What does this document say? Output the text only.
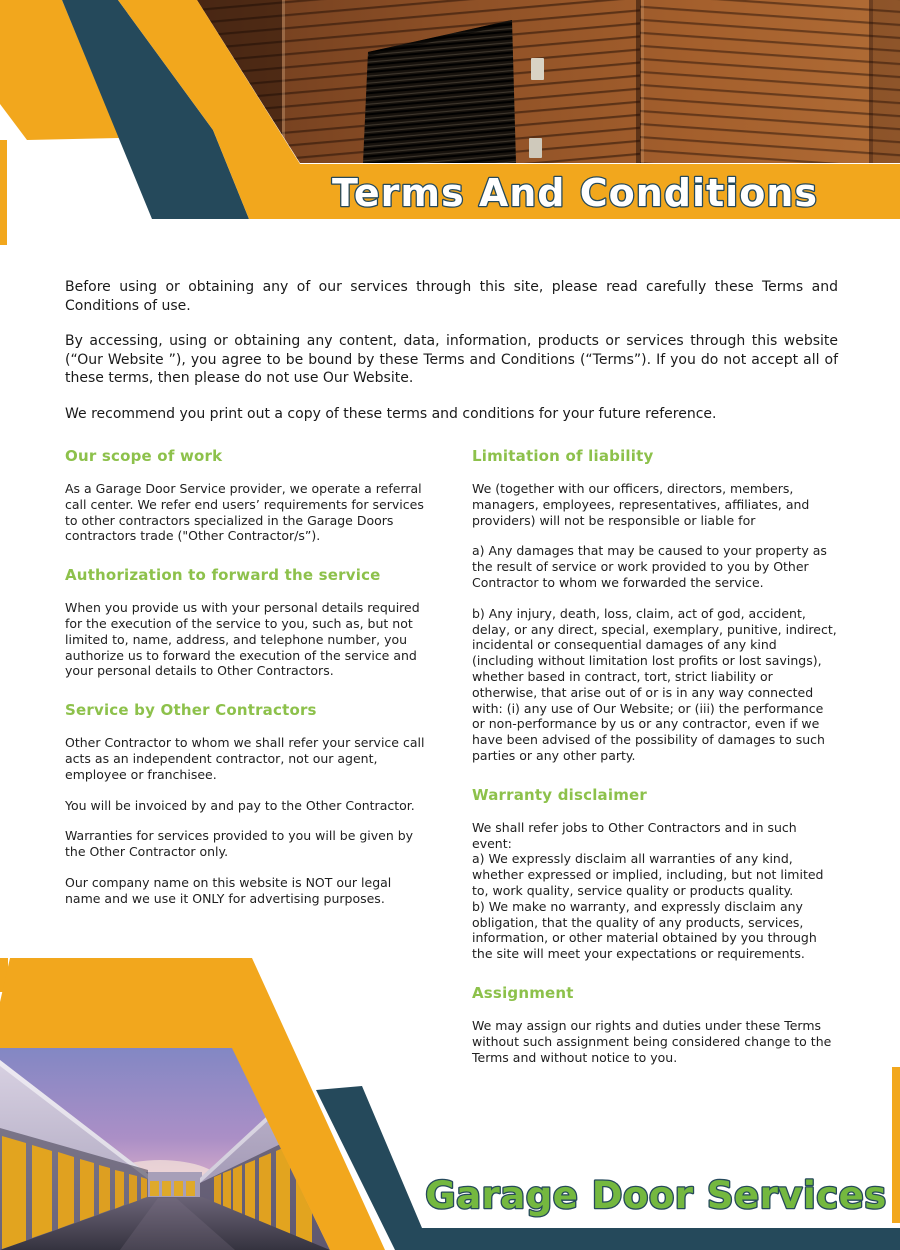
Terms And Conditions

Before using or obtaining any of our services through this site, please read carefully these Terms and Conditions of use.

By accessing, using or obtaining any content, data, information, products or services through this website (“Our Website ”), you agree to be bound by these Terms and Conditions (“Terms”). If you do not accept all of these terms, then please do not use Our Website.

We recommend you print out a copy of these terms and conditions for your future reference.

Our scope of work

As a Garage Door Service provider, we operate a referral call center. We refer end users’ requirements for services to other contractors specialized in the Garage Doors contractors trade ("Other Contractor/s”).

Authorization to forward the service

When you provide us with your personal details required for the execution of the service to you, such as, but not limited to, name, address, and telephone number, you authorize us to forward the execution of the service and your personal details to Other Contractors.

Service by Other Contractors

Other Contractor to whom we shall refer your service call acts as an independent contractor, not our agent, employee or franchisee.

You will be invoiced by and pay to the Other Contractor.

Warranties for services provided to you will be given by the Other Contractor only.

Our company name on this website is NOT our legal name and we use it ONLY for advertising purposes.

Limitation of liability

We (together with our officers, directors, members, managers, employees, representatives, affiliates, and providers) will not be responsible or liable for

a) Any damages that may be caused to your property as the result of service or work provided to you by Other Contractor to whom we forwarded the service.

b) Any injury, death, loss, claim, act of god, accident, delay, or any direct, special, exemplary, punitive, indirect, incidental or consequential damages of any kind (including without limitation lost profits or lost savings), whether based in contract, tort, strict liability or otherwise, that arise out of or is in any way connected with: (i) any use of Our Website; or (iii) the performance or non-performance by us or any contractor, even if we have been advised of the possibility of damages to such parties or any other party.

Warranty disclaimer

We shall refer jobs to Other Contractors and in such event:

a) We expressly disclaim all warranties of any kind, whether expressed or implied, including, but not limited to, work quality, service quality or products quality.

b) We make no warranty, and expressly disclaim any obligation, that the quality of any products, services, information, or other material obtained by you through the site will meet your expectations or requirements.

Assignment

We may assign our rights and duties under these Terms without such assignment being considered change to the Terms and without notice to you.

Garage Door Services
